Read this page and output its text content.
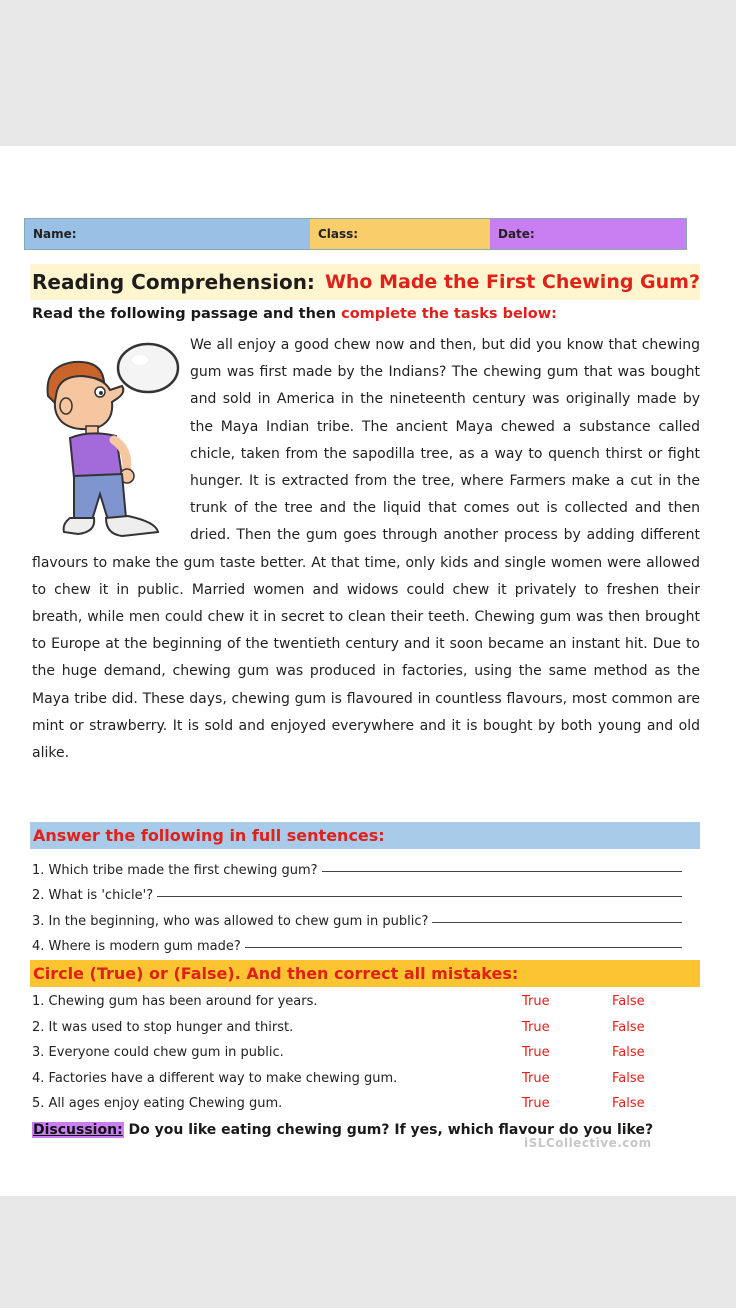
Name:	Class:	Date:
Reading Comprehension: Who Made the First Chewing Gum?
Read the following passage and then complete the tasks below:
We all enjoy a good chew now and then, but did you know that chewing gum was first made by the Indians? The chewing gum that was bought and sold in America in the nineteenth century was originally made by the Maya Indian tribe. The ancient Maya chewed a substance called chicle, taken from the sapodilla tree, as a way to quench thirst or fight hunger. It is extracted from the tree, where Farmers make a cut in the trunk of the tree and the liquid that comes out is collected and then dried. Then the gum goes through another process by adding different flavours to make the gum taste better. At that time, only kids and single women were allowed to chew it in public. Married women and widows could chew it privately to freshen their breath, while men could chew it in secret to clean their teeth. Chewing gum was then brought to Europe at the beginning of the twentieth century and it soon became an instant hit. Due to the huge demand, chewing gum was produced in factories, using the same method as the Maya tribe did. These days, chewing gum is flavoured in countless flavours, most common are mint or strawberry. It is sold and enjoyed everywhere and it is bought by both young and old alike.
Answer the following in full sentences:
1. Which tribe made the first chewing gum?
2. What is 'chicle'?
3. In the beginning, who was allowed to chew gum in public?
4. Where is modern gum made?
Circle (True) or (False). And then correct all mistakes:
1. Chewing gum has been around for years.	True	False
2. It was used to stop hunger and thirst.	True	False
3. Everyone could chew gum in public.	True	False
4. Factories have a different way to make chewing gum.	True	False
5. All ages enjoy eating Chewing gum.	True	False
Discussion: Do you like eating chewing gum? If yes, which flavour do you like?
iSLCollective.com
